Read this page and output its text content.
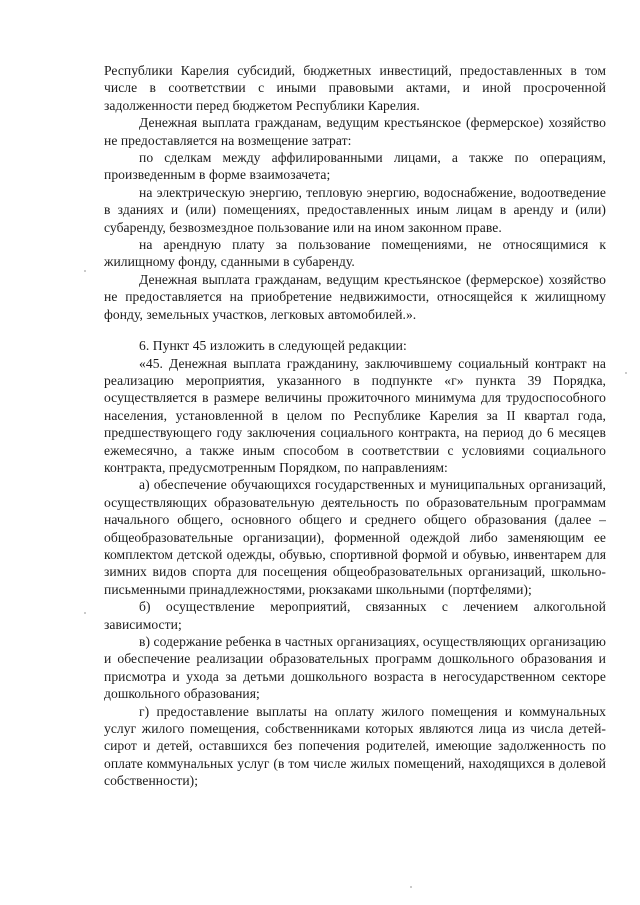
Республики Карелия субсидий, бюджетных инвестиций, предоставленных в том числе в соответствии с иными правовыми актами, и иной просроченной задолженности перед бюджетом Республики Карелия.

Денежная выплата гражданам, ведущим крестьянское (фермерское) хозяйство не предоставляется на возмещение затрат:

по сделкам между аффилированными лицами, а также по операциям, произведенным в форме взаимозачета;

на электрическую энергию, тепловую энергию, водоснабжение, водоотведение в зданиях и (или) помещениях, предоставленных иным лицам в аренду и (или) субаренду, безвозмездное пользование или на ином законном праве.

на арендную плату за пользование помещениями, не относящимися к жилищному фонду, сданными в субаренду.

Денежная выплата гражданам, ведущим крестьянское (фермерское) хозяйство не предоставляется на приобретение недвижимости, относящейся к жилищному фонду, земельных участков, легковых автомобилей.».

6. Пункт 45 изложить в следующей редакции:

«45. Денежная выплата гражданину, заключившему социальный контракт на реализацию мероприятия, указанного в подпункте «г» пункта 39 Порядка, осуществляется в размере величины прожиточного минимума для трудоспособного населения, установленной в целом по Республике Карелия за II квартал года, предшествующего году заключения социального контракта, на период до 6 месяцев ежемесячно, а также иным способом в соответствии с условиями социального контракта, предусмотренным Порядком, по направлениям:

а) обеспечение обучающихся государственных и муниципальных организаций, осуществляющих образовательную деятельность по образовательным программам начального общего, основного общего и среднего общего образования (далее – общеобразовательные организации), форменной одеждой либо заменяющим ее комплектом детской одежды, обувью, спортивной формой и обувью, инвентарем для зимних видов спорта для посещения общеобразовательных организаций, школьно-письменными принадлежностями, рюкзаками школьными (портфелями);

б) осуществление мероприятий, связанных с лечением алкогольной зависимости;

в) содержание ребенка в частных организациях, осуществляющих организацию и обеспечение реализации образовательных программ дошкольного образования и присмотра и ухода за детьми дошкольного возраста в негосударственном секторе дошкольного образования;

г) предоставление выплаты на оплату жилого помещения и коммунальных услуг жилого помещения, собственниками которых являются лица из числа детей-сирот и детей, оставшихся без попечения родителей, имеющие задолженность по оплате коммунальных услуг (в том числе жилых помещений, находящихся в долевой собственности);
